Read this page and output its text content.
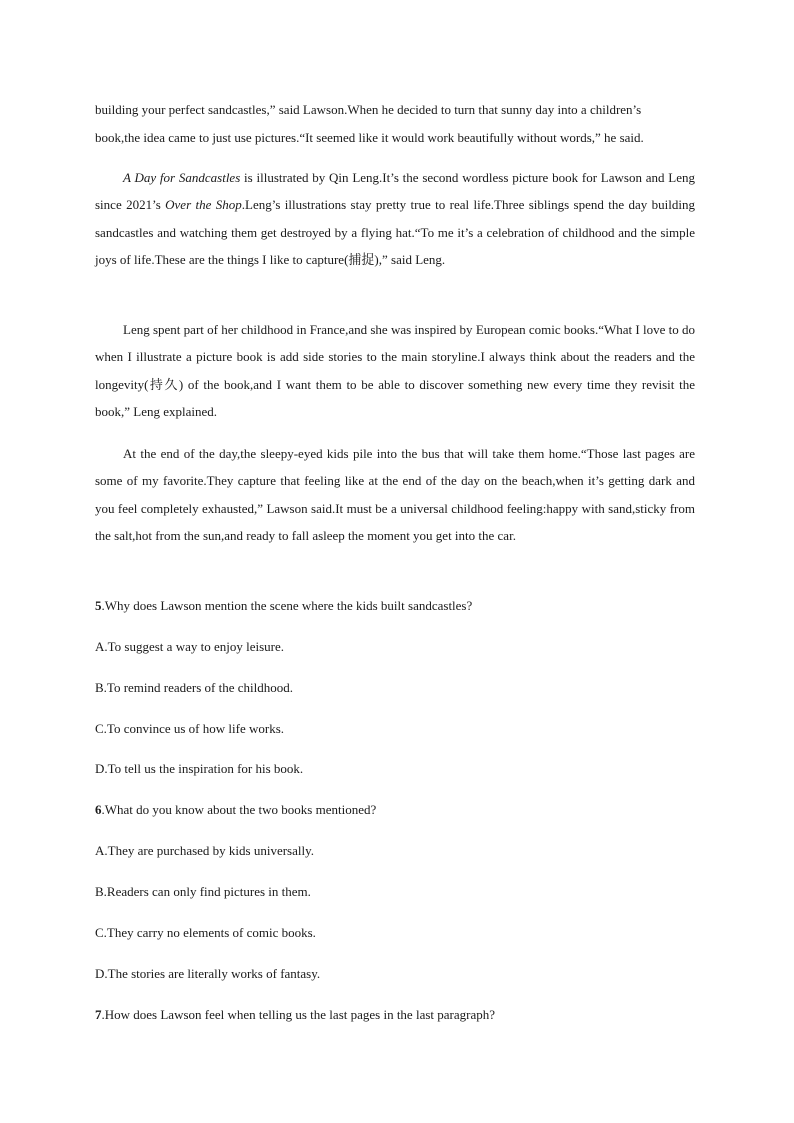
building your perfect sandcastles,” said Lawson.When he decided to turn that sunny day into a children’s
book,the idea came to just use pictures.“It seemed like it would work beautifully without words,” he said.
A Day for Sandcastles is illustrated by Qin Leng.It’s the second wordless picture book for Lawson and Leng since 2021’s Over the Shop.Leng’s illustrations stay pretty true to real life.Three siblings spend the day building sandcastles and watching them get destroyed by a flying hat.“To me it’s a celebration of childhood and the simple joys of life.These are the things I like to capture(捕捉),” said Leng.
Leng spent part of her childhood in France,and she was inspired by European comic books.“What I love to do when I illustrate a picture book is add side stories to the main storyline.I always think about the readers and the longevity(持久) of the book,and I want them to be able to discover something new every time they revisit the book,” Leng explained.
At the end of the day,the sleepy-eyed kids pile into the bus that will take them home.“Those last pages are some of my favorite.They capture that feeling like at the end of the day on the beach,when it’s getting dark and you feel completely exhausted,” Lawson said.It must be a universal childhood feeling:happy with sand,sticky from the salt,hot from the sun,and ready to fall asleep the moment you get into the car.
5.Why does Lawson mention the scene where the kids built sandcastles?
A.To suggest a way to enjoy leisure.
B.To remind readers of the childhood.
C.To convince us of how life works.
D.To tell us the inspiration for his book.
6.What do you know about the two books mentioned?
A.They are purchased by kids universally.
B.Readers can only find pictures in them.
C.They carry no elements of comic books.
D.The stories are literally works of fantasy.
7.How does Lawson feel when telling us the last pages in the last paragraph?
